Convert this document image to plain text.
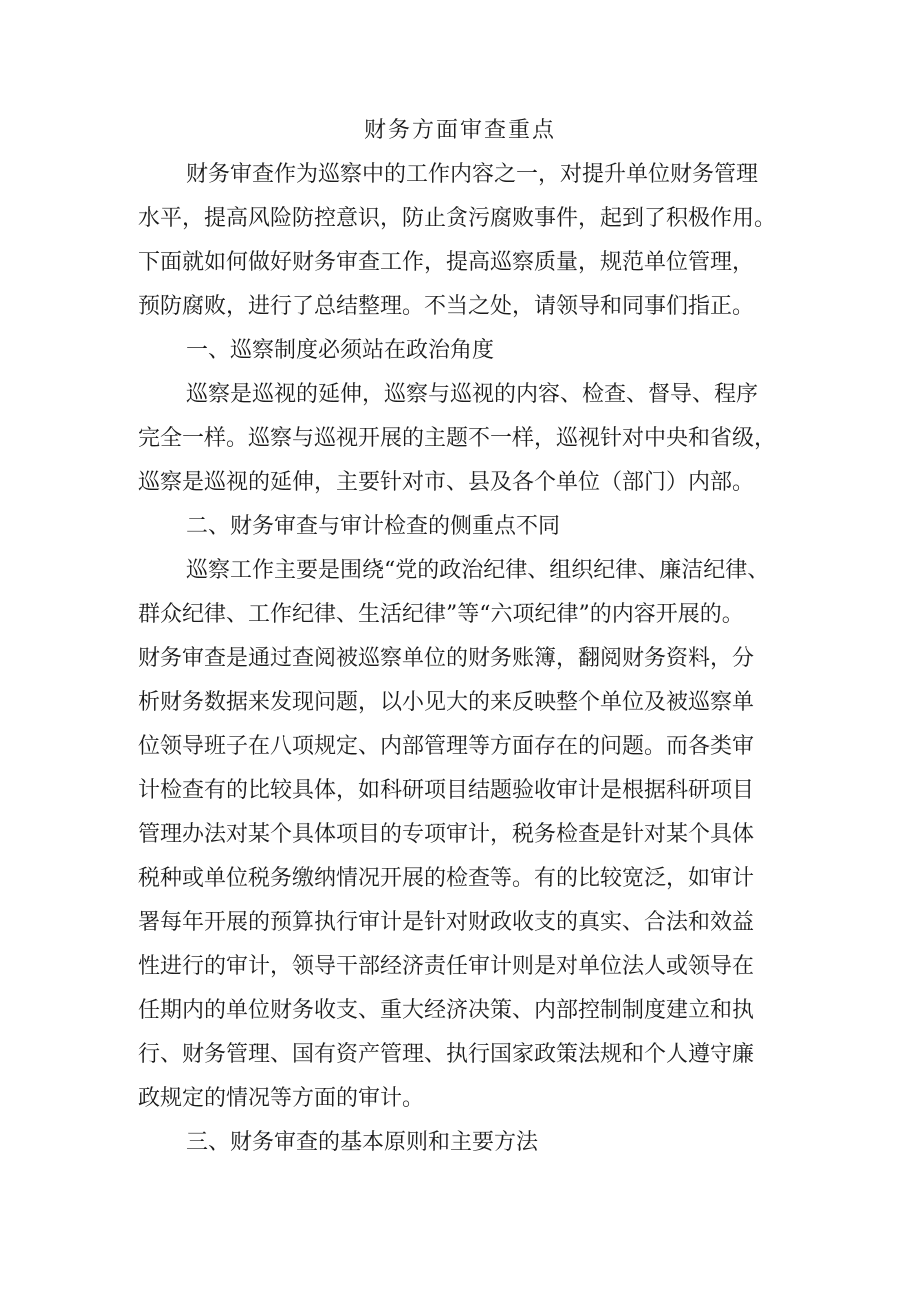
财务方面审查重点
财务审查作为巡察中的工作内容之一，对提升单位财务管理
水平，提高风险防控意识，防止贪污腐败事件，起到了积极作用。
下面就如何做好财务审查工作，提高巡察质量，规范单位管理，
预防腐败，进行了总结整理。不当之处，请领导和同事们指正。
一、巡察制度必须站在政治角度
巡察是巡视的延伸，巡察与巡视的内容、检查、督导、程序
完全一样。巡察与巡视开展的主题不一样，巡视针对中央和省级，
巡察是巡视的延伸，主要针对市、县及各个单位（部门）内部。
二、财务审查与审计检查的侧重点不同
巡察工作主要是围绕“党的政治纪律、组织纪律、廉洁纪律、
群众纪律、工作纪律、生活纪律”等“六项纪律”的内容开展的。
财务审查是通过查阅被巡察单位的财务账簿，翻阅财务资料，分
析财务数据来发现问题，以小见大的来反映整个单位及被巡察单
位领导班子在八项规定、内部管理等方面存在的问题。而各类审
计检查有的比较具体，如科研项目结题验收审计是根据科研项目
管理办法对某个具体项目的专项审计，税务检查是针对某个具体
税种或单位税务缴纳情况开展的检查等。有的比较宽泛，如审计
署每年开展的预算执行审计是针对财政收支的真实、合法和效益
性进行的审计，领导干部经济责任审计则是对单位法人或领导在
任期内的单位财务收支、重大经济决策、内部控制制度建立和执
行、财务管理、国有资产管理、执行国家政策法规和个人遵守廉
政规定的情况等方面的审计。
三、财务审查的基本原则和主要方法
